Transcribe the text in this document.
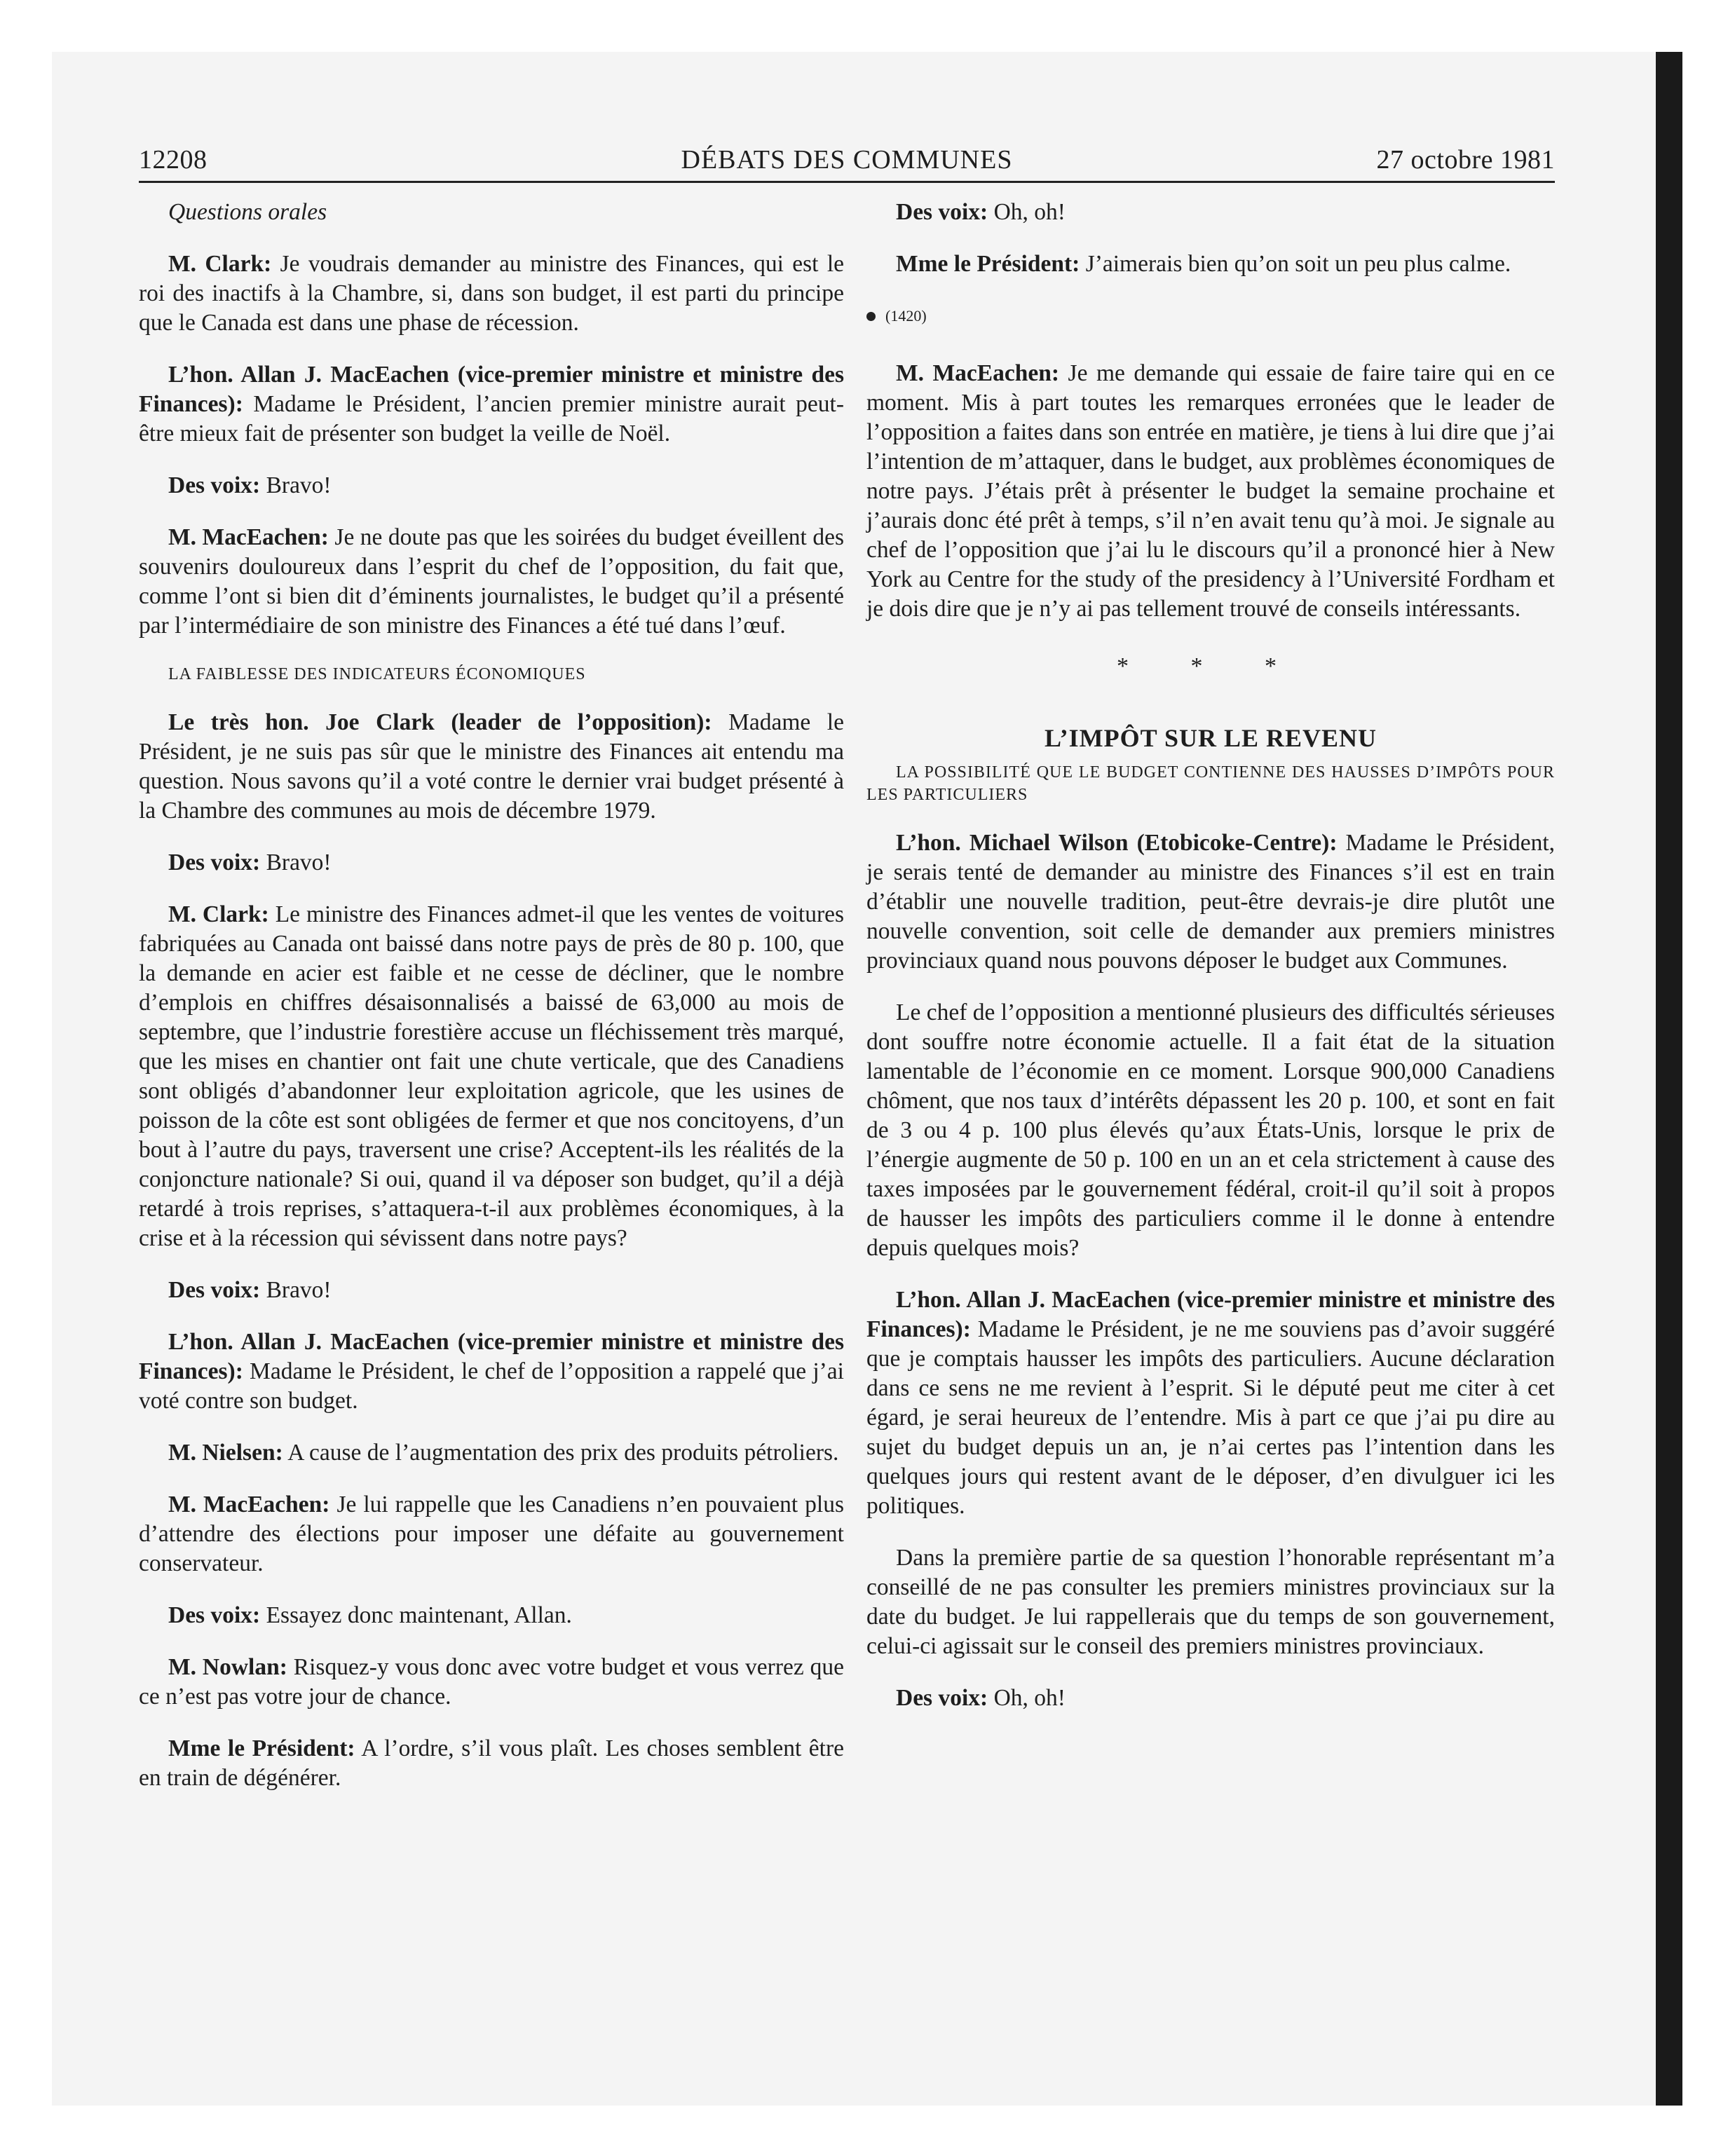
12208	DÉBATS DES COMMUNES	27 octobre 1981

Questions orales

M. Clark: Je voudrais demander au ministre des Finances, qui est le roi des inactifs à la Chambre, si, dans son budget, il est parti du principe que le Canada est dans une phase de récession.

L’hon. Allan J. MacEachen (vice-premier ministre et ministre des Finances): Madame le Président, l’ancien premier ministre aurait peut-être mieux fait de présenter son budget la veille de Noël.

Des voix: Bravo!

M. MacEachen: Je ne doute pas que les soirées du budget éveillent des souvenirs douloureux dans l’esprit du chef de l’opposition, du fait que, comme l’ont si bien dit d’éminents journalistes, le budget qu’il a présenté par l’intermédiaire de son ministre des Finances a été tué dans l’œuf.

LA FAIBLESSE DES INDICATEURS ÉCONOMIQUES

Le très hon. Joe Clark (leader de l’opposition): Madame le Président, je ne suis pas sûr que le ministre des Finances ait entendu ma question. Nous savons qu’il a voté contre le dernier vrai budget présenté à la Chambre des communes au mois de décembre 1979.

Des voix: Bravo!

M. Clark: Le ministre des Finances admet-il que les ventes de voitures fabriquées au Canada ont baissé dans notre pays de près de 80 p. 100, que la demande en acier est faible et ne cesse de décliner, que le nombre d’emplois en chiffres désaisonnalisés a baissé de 63,000 au mois de septembre, que l’industrie forestière accuse un fléchissement très marqué, que les mises en chantier ont fait une chute verticale, que des Canadiens sont obligés d’abandonner leur exploitation agricole, que les usines de poisson de la côte est sont obligées de fermer et que nos concitoyens, d’un bout à l’autre du pays, traversent une crise? Acceptent-ils les réalités de la conjoncture nationale? Si oui, quand il va déposer son budget, qu’il a déjà retardé à trois reprises, s’attaquera-t-il aux problèmes économiques, à la crise et à la récession qui sévissent dans notre pays?

Des voix: Bravo!

L’hon. Allan J. MacEachen (vice-premier ministre et ministre des Finances): Madame le Président, le chef de l’opposition a rappelé que j’ai voté contre son budget.

M. Nielsen: A cause de l’augmentation des prix des produits pétroliers.

M. MacEachen: Je lui rappelle que les Canadiens n’en pouvaient plus d’attendre des élections pour imposer une défaite au gouvernement conservateur.

Des voix: Essayez donc maintenant, Allan.

M. Nowlan: Risquez-y vous donc avec votre budget et vous verrez que ce n’est pas votre jour de chance.

Mme le Président: A l’ordre, s’il vous plaît. Les choses semblent être en train de dégénérer.

Des voix: Oh, oh!

Mme le Président: J’aimerais bien qu’on soit un peu plus calme.

(1420)

M. MacEachen: Je me demande qui essaie de faire taire qui en ce moment. Mis à part toutes les remarques erronées que le leader de l’opposition a faites dans son entrée en matière, je tiens à lui dire que j’ai l’intention de m’attaquer, dans le budget, aux problèmes économiques de notre pays. J’étais prêt à présenter le budget la semaine prochaine et j’aurais donc été prêt à temps, s’il n’en avait tenu qu’à moi. Je signale au chef de l’opposition que j’ai lu le discours qu’il a prononcé hier à New York au Centre for the study of the presidency à l’Université Fordham et je dois dire que je n’y ai pas tellement trouvé de conseils intéressants.

* * *
L’IMPÔT SUR LE REVENU

LA POSSIBILITÉ QUE LE BUDGET CONTIENNE DES HAUSSES D’IMPÔTS POUR LES PARTICULIERS

L’hon. Michael Wilson (Etobicoke-Centre): Madame le Président, je serais tenté de demander au ministre des Finances s’il est en train d’établir une nouvelle tradition, peut-être devrais-je dire plutôt une nouvelle convention, soit celle de demander aux premiers ministres provinciaux quand nous pouvons déposer le budget aux Communes.

Le chef de l’opposition a mentionné plusieurs des difficultés sérieuses dont souffre notre économie actuelle. Il a fait état de la situation lamentable de l’économie en ce moment. Lorsque 900,000 Canadiens chôment, que nos taux d’intérêts dépassent les 20 p. 100, et sont en fait de 3 ou 4 p. 100 plus élevés qu’aux États-Unis, lorsque le prix de l’énergie augmente de 50 p. 100 en un an et cela strictement à cause des taxes imposées par le gouvernement fédéral, croit-il qu’il soit à propos de hausser les impôts des particuliers comme il le donne à entendre depuis quelques mois?

L’hon. Allan J. MacEachen (vice-premier ministre et ministre des Finances): Madame le Président, je ne me souviens pas d’avoir suggéré que je comptais hausser les impôts des particuliers. Aucune déclaration dans ce sens ne me revient à l’esprit. Si le député peut me citer à cet égard, je serai heureux de l’entendre. Mis à part ce que j’ai pu dire au sujet du budget depuis un an, je n’ai certes pas l’intention dans les quelques jours qui restent avant de le déposer, d’en divulguer ici les politiques.

Dans la première partie de sa question l’honorable représentant m’a conseillé de ne pas consulter les premiers ministres provinciaux sur la date du budget. Je lui rappellerais que du temps de son gouvernement, celui-ci agissait sur le conseil des premiers ministres provinciaux.

Des voix: Oh, oh!
